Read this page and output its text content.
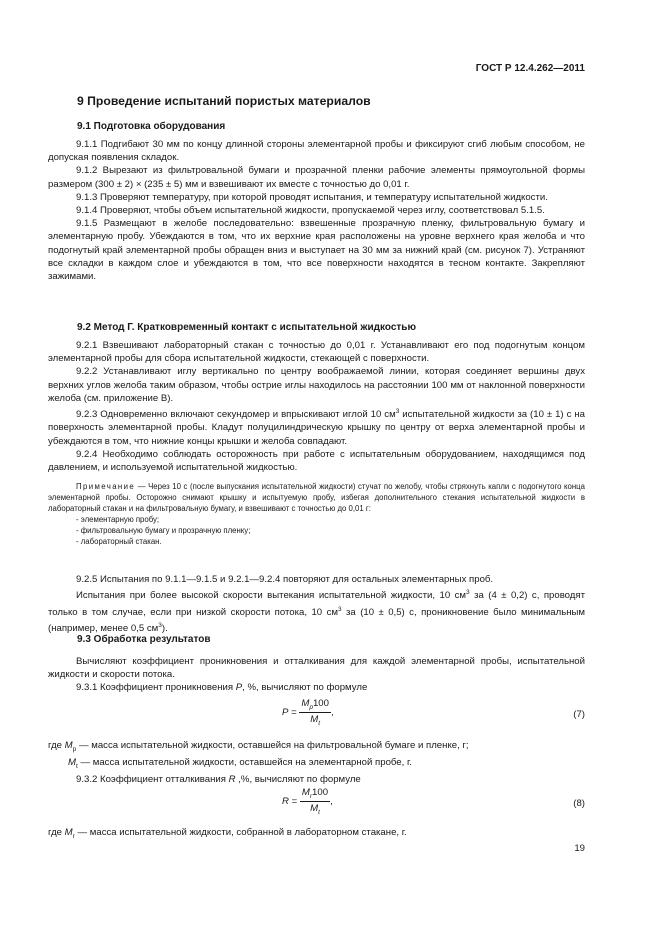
ГОСТ Р 12.4.262—2011
9 Проведение испытаний пористых материалов
9.1 Подготовка оборудования

9.1.1 Подгибают 30 мм по концу длинной стороны элементарной пробы и фиксируют сгиб любым способом, не допуская появления складок.

9.1.2 Вырезают из фильтровальной бумаги и прозрачной пленки рабочие элементы прямоугольной формы размером (300 ± 2) × (235 ± 5) мм и взвешивают их вместе с точностью до 0,01 г.

9.1.3 Проверяют температуру, при которой проводят испытания, и температуру испытательной жидкости.

9.1.4 Проверяют, чтобы объем испытательной жидкости, пропускаемой через иглу, соответствовал 5.1.5.

9.1.5 Размещают в желобе последовательно: взвешенные прозрачную пленку, фильтровальную бумагу и элементарную пробу. Убеждаются в том, что их верхние края расположены на уровне верхнего края желоба и что подогнутый край элементарной пробы обращен вниз и выступает на 30 мм за нижний край (см. рисунок 7). Устраняют все складки в каждом слое и убеждаются в том, что все поверхности находятся в тесном контакте. Закрепляют зажимами.

9.2 Метод Г. Кратковременный контакт с испытательной жидкостью

9.2.1 Взвешивают лабораторный стакан с точностью до 0,01 г. Устанавливают его под подогнутым концом элементарной пробы для сбора испытательной жидкости, стекающей с поверхности.

9.2.2 Устанавливают иглу вертикально по центру воображаемой линии, которая соединяет вершины двух верхних углов желоба таким образом, чтобы острие иглы находилось на расстоянии 100 мм от наклонной поверхности желоба (см. приложение В).

9.2.3 Одновременно включают секундомер и впрыскивают иглой 10 $см^3$ испытательной жидкости за (10 ± 1) с на поверхность элементарной пробы. Кладут полуцилиндрическую крышку по центру от верха элементарной пробы и убеждаются в том, что нижние концы крышки и желоба совпадают.

9.2.4 Необходимо соблюдать осторожность при работе с испытательным оборудованием, находящимся под давлением, и используемой испытательной жидкостью.

Примечание — Через 10 с (после выпускания испытательной жидкости) стучат по желобу, чтобы стряхнуть капли с подогнутого конца элементарной пробы. Осторожно снимают крышку и испытуемую пробу, избегая дополнительного стекания испытательной жидкости в лабораторный стакан и на фильтровальную бумагу, и взвешивают с точностью до 0,01 г:

- элементарную пробу;

- фильтровальную бумагу и прозрачную пленку;

- лабораторный стакан.

9.2.5 Испытания по 9.1.1—9.1.5 и 9.2.1—9.2.4 повторяют для остальных элементарных проб.

Испытания при более высокой скорости вытекания испытательной жидкости, 10 $см^3$ за (4 ± 0,2) с, проводят только в том случае, если при низкой скорости потока, 10 $см^3$ за (10 ± 0,5) с, проникновение было минимальным (например, менее 0,5 $см^3$).

9.3 Обработка результатов

Вычисляют коэффициент проникновения и отталкивания для каждой элементарной пробы, испытательной жидкости и скорости потока.

9.3.1 Коэффициент проникновения P, %, вычисляют по формуле

$P = \frac{M_p100}{M_t}$ ,	(7)
где $M_p$ — масса испытательной жидкости, оставшейся на фильтровальной бумаге и пленке, г;
$M_t$ — масса испытательной жидкости, оставшейся на элементарной пробе, г.

9.3.2 Коэффициент отталкивания R ,%, вычисляют по формуле

$R = \frac{M_r100}{M_t}$ ,	(8)
где $M_r$ — масса испытательной жидкости, собранной в лабораторном стакане, г.
19
